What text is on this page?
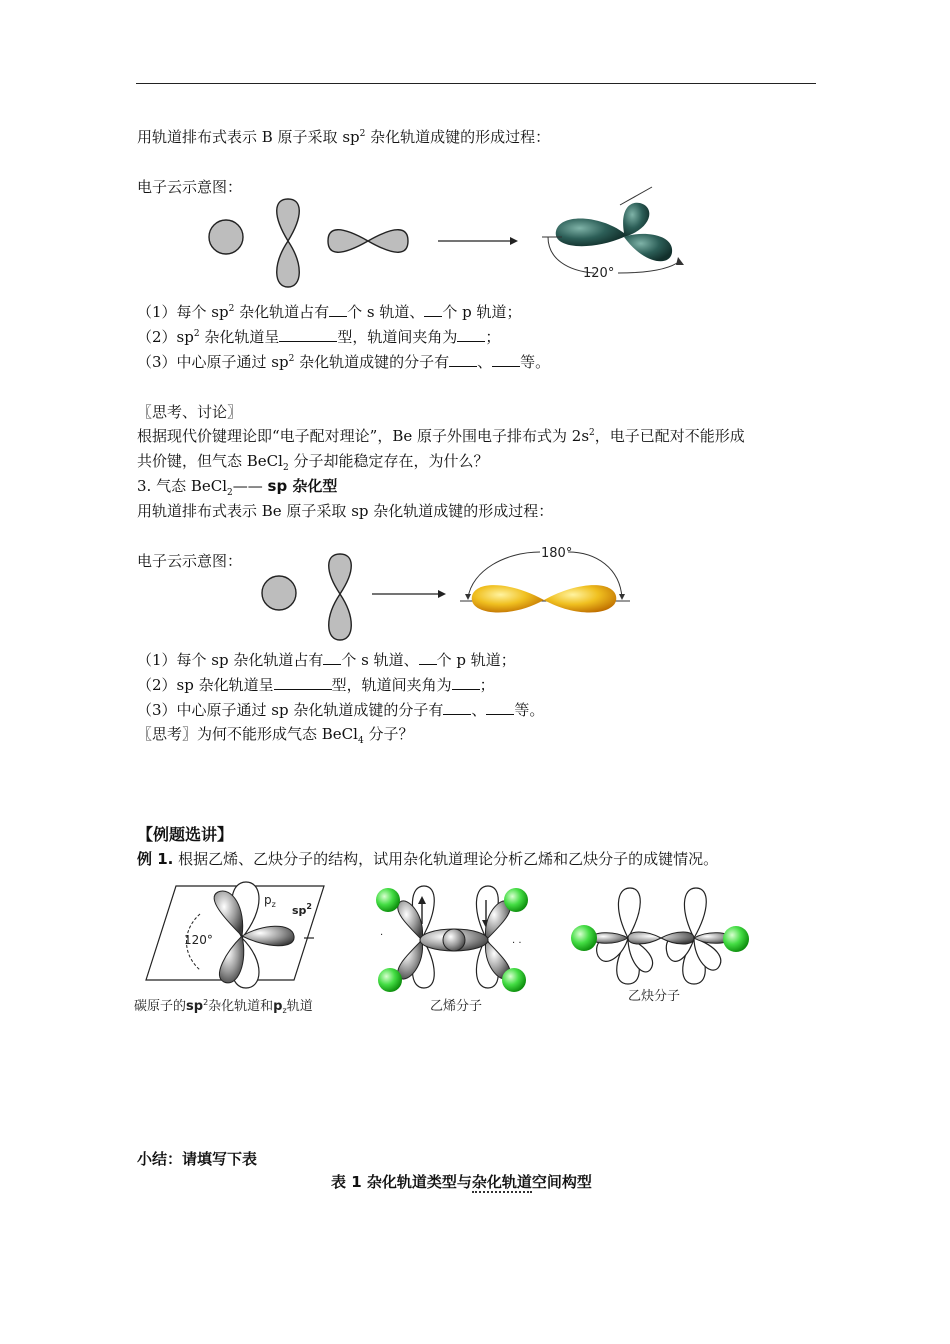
用轨道排布式表示 B 原子采取 $sp^2$ 杂化轨道成键的形成过程：
电子云示意图：
120°
（1）每个 $sp^2$ 杂化轨道占有 个 s 轨道、 个 p 轨道；
$(2)sp^2$ 杂化轨道呈	型，轨道间夹角为 ；
（3）中心原子通过 $sp^2$ 杂化轨道成键的分子有 、 等。
〖思考、讨论〗
根据现代价键理论即“电子配对理论”，Be 原子外围电子排布式为 $2s^2$，电子已配对不能形成
共价键，但气态 BeCl$_2$ 分子却能稳定存在，为什么？
3. 气态 BeCl$_2$—— sp 杂化型
用轨道排布式表示 Be 原子采取 sp 杂化轨道成键的形成过程：
电子云示意图：	180°
（1）每个 sp 杂化轨道占有 个 s 轨道、 个 p 轨道；
（2）sp 杂化轨道呈	型，轨道间夹角为 ；
（3）中心原子通过 sp 杂化轨道成键的分子有 、 等。
〖思考〗为何不能形成气态 BeCl$_4$ 分子？
【例题选讲】
例 1. 根据乙烯、乙炔分子的结构，试用杂化轨道理论分析乙烯和乙炔分子的成键情况。
$p_z$ $sp^2$
120°
碳原子的$sp^2$杂化轨道和$p_z$轨道
·
· ·
乙烯分子
乙炔分子
小结：请填写下表
表 1 杂化轨道类型与杂化轨道空间构型
